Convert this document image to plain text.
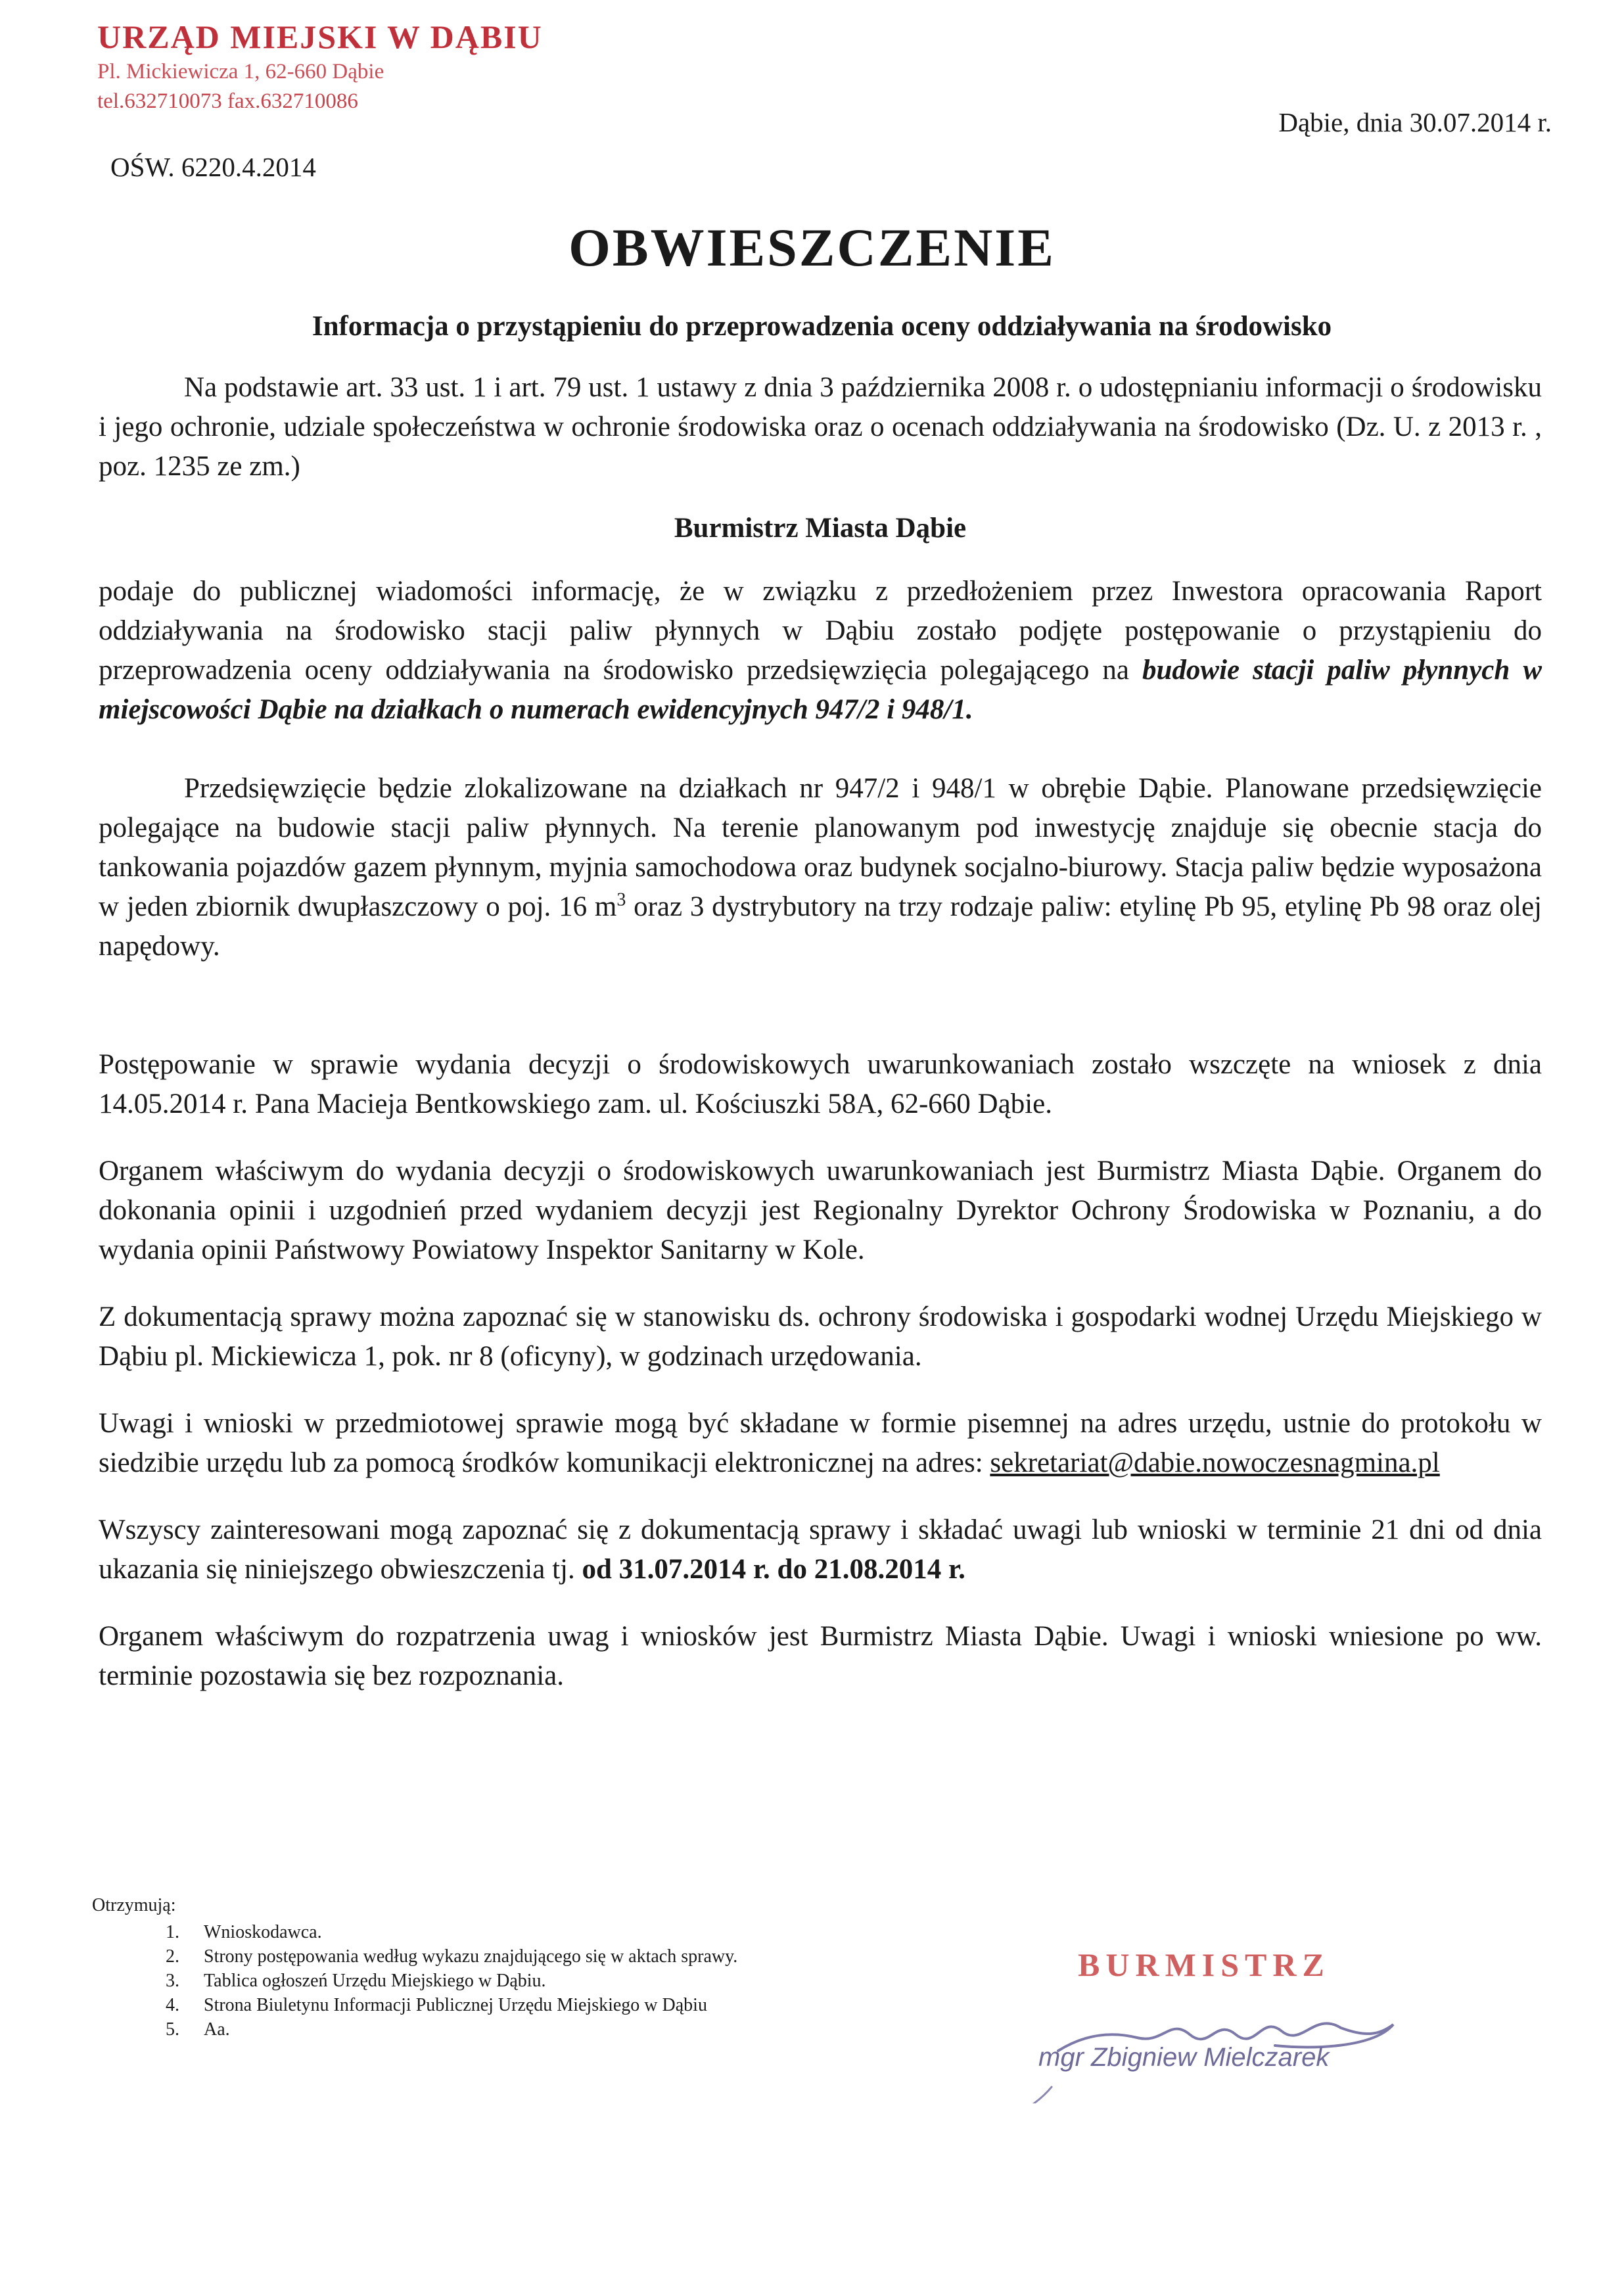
URZĄD MIEJSKI W DĄBIU
Pl. Mickiewicza 1, 62-660 Dąbie
tel.632710073 fax.632710086
Dąbie, dnia 30.07.2014 r.
OŚW. 6220.4.2014
OBWIESZCZENIE
Informacja o przystąpieniu do przeprowadzenia oceny oddziaływania na środowisko

Na podstawie art. 33 ust. 1 i art. 79 ust. 1 ustawy z dnia 3 października 2008 r. o udostępnianiu informacji o środowisku i jego ochronie, udziale społeczeństwa w ochronie środowiska oraz o ocenach oddziaływania na środowisko (Dz. U. z 2013 r. , poz. 1235 ze zm.)

Burmistrz Miasta Dąbie

podaje do publicznej wiadomości informację, że w związku z przedłożeniem przez Inwestora opracowania Raport oddziaływania na środowisko stacji paliw płynnych w Dąbiu zostało podjęte postępowanie o przystąpieniu do przeprowadzenia oceny oddziaływania na środowisko przedsięwzięcia polegającego na budowie stacji paliw płynnych w miejscowości Dąbie na działkach o numerach ewidencyjnych 947/2 i 948/1.

Przedsięwzięcie będzie zlokalizowane na działkach nr 947/2 i 948/1 w obrębie Dąbie. Planowane przedsięwzięcie polegające na budowie stacji paliw płynnych. Na terenie planowanym pod inwestycję znajduje się obecnie stacja do tankowania pojazdów gazem płynnym, myjnia samochodowa oraz budynek socjalno-biurowy. Stacja paliw będzie wyposażona w jeden zbiornik dwupłaszczowy o poj. 16 $m^3$ oraz 3 dystrybutory na trzy rodzaje paliw: etylinę Pb 95, etylinę Pb 98 oraz olej napędowy.

Postępowanie w sprawie wydania decyzji o środowiskowych uwarunkowaniach zostało wszczęte na wniosek z dnia 14.05.2014 r. Pana Macieja Bentkowskiego zam. ul. Kościuszki 58A, 62-660 Dąbie.

Organem właściwym do wydania decyzji o środowiskowych uwarunkowaniach jest Burmistrz Miasta Dąbie. Organem do dokonania opinii i uzgodnień przed wydaniem decyzji jest Regionalny Dyrektor Ochrony Środowiska w Poznaniu, a do wydania opinii Państwowy Powiatowy Inspektor Sanitarny w Kole.

Z dokumentacją sprawy można zapoznać się w stanowisku ds. ochrony środowiska i gospodarki wodnej Urzędu Miejskiego w Dąbiu pl. Mickiewicza 1, pok. nr 8 (oficyny), w godzinach urzędowania.

Uwagi i wnioski w przedmiotowej sprawie mogą być składane w formie pisemnej na adres urzędu, ustnie do protokołu w siedzibie urzędu lub za pomocą środków komunikacji elektronicznej na adres: sekretariat@dabie.nowoczesnagmina.pl

Wszyscy zainteresowani mogą zapoznać się z dokumentacją sprawy i składać uwagi lub wnioski w terminie 21 dni od dnia ukazania się niniejszego obwieszczenia tj. od 31.07.2014 r. do 21.08.2014 r.

Organem właściwym do rozpatrzenia uwag i wniosków jest Burmistrz Miasta Dąbie. Uwagi i wnioski wniesione po ww. terminie pozostawia się bez rozpoznania.

Otrzymują:
1. Wnioskodawca.
2. Strony postępowania według wykazu znajdującego się w aktach sprawy.
3. Tablica ogłoszeń Urzędu Miejskiego w Dąbiu.
4. Strona Biuletynu Informacji Publicznej Urzędu Miejskiego w Dąbiu
5. Aa.
BURMISTRZ
mgr Zbigniew Mielczarek
